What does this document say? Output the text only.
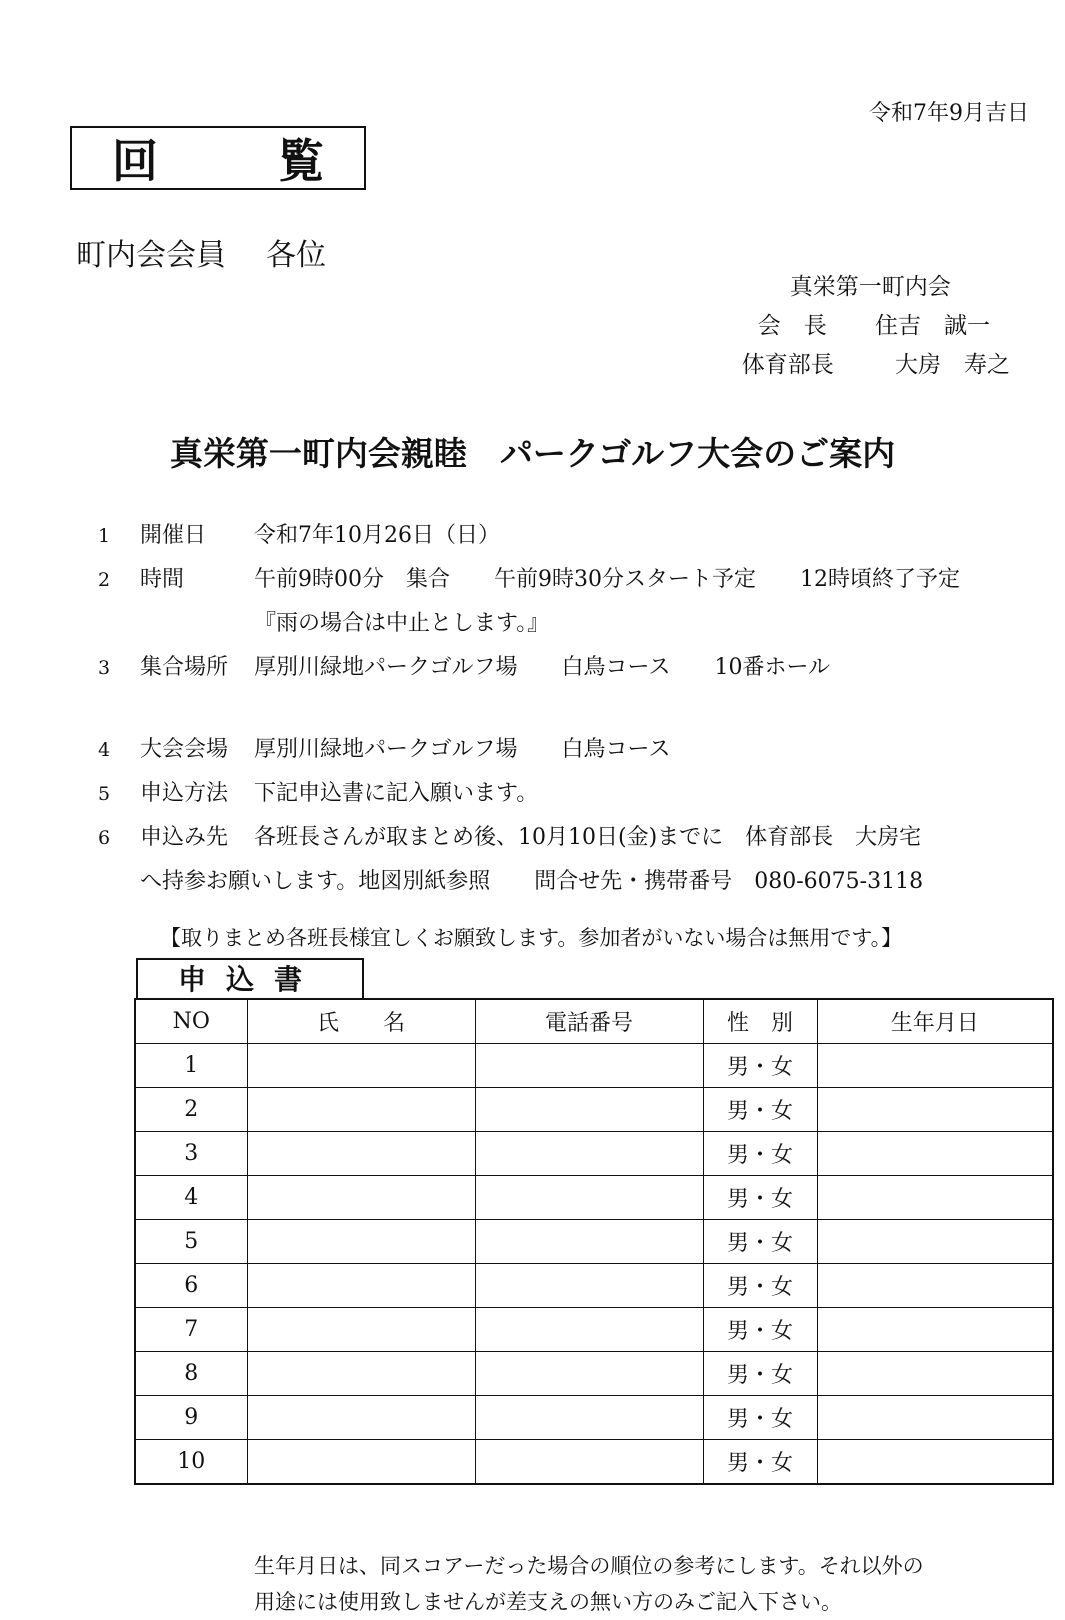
令和7年9月吉日
回	覧
町内会会員 各位
真栄第一町内会
会　長 住吉　誠一
体育部長	大房　寿之
真栄第一町内会親睦　パークゴルフ大会のご案内
1 開催日 令和7年10月26日（日）
2 時間	午前9時00分　集合　　午前9時30分スタート予定　　12時頃終了予定
『雨の場合は中止とします。』
3 集合場所 厚別川緑地パークゴルフ場　　白鳥コース　　10番ホール
4 大会会場 厚別川緑地パークゴルフ場　　白鳥コース
5 申込方法 下記申込書に記入願います。
6 申込み先 各班長さんが取まとめ後、10月10日(金)までに　体育部長　大房宅
へ持参お願いします。地図別紙参照　　問合せ先・携帯番号　080-6075-3118
【取りまとめ各班長様宜しくお願致します。参加者がいない場合は無用です。】
申込書
NO	氏　　名	電話番号	性　別	生年月日
1			男・女	
2			男・女	
3			男・女	
4			男・女	
5			男・女	
6			男・女	
7			男・女	
8			男・女	
9			男・女	
10			男・女	
生年月日は、同スコアーだった場合の順位の参考にします。それ以外の
用途には使用致しませんが差支えの無い方のみご記入下さい。
